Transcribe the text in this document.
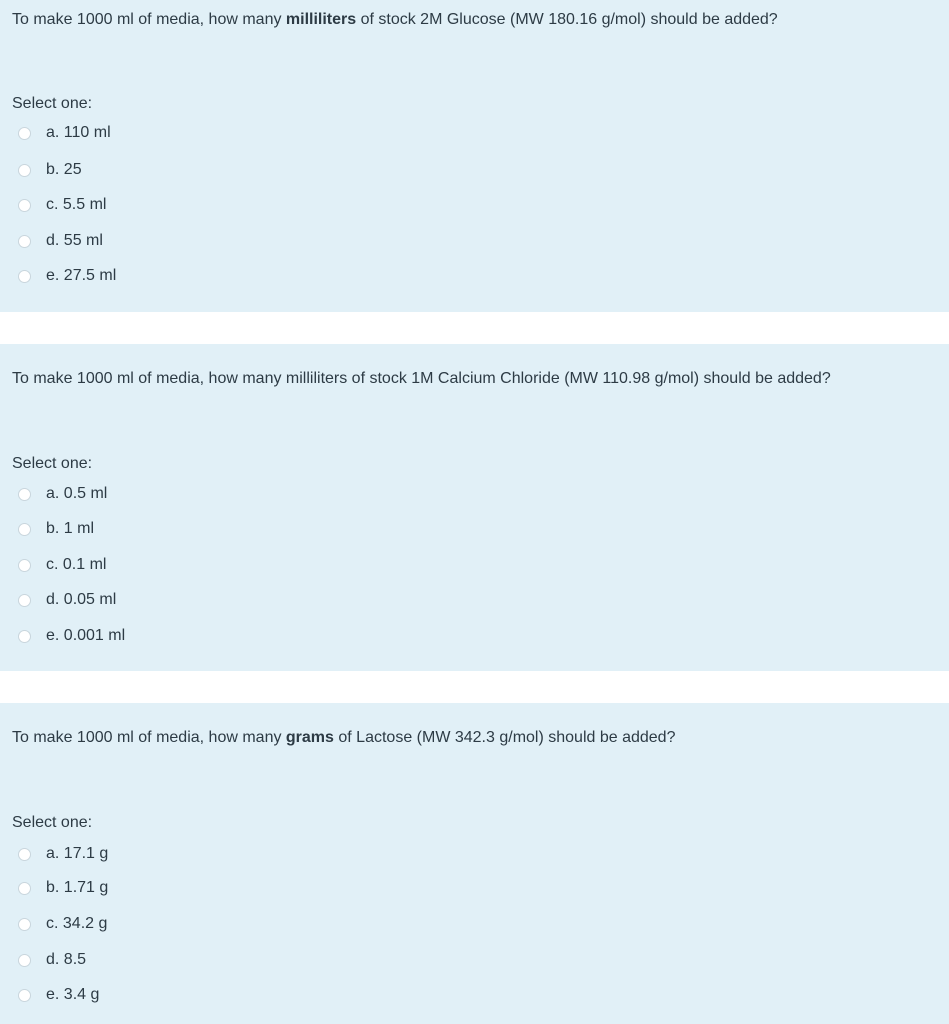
To make 1000 ml of media, how many milliliters of stock 2M Glucose (MW 180.16 g/mol) should be added?
Select one:
a. 110 ml
b. 25
c. 5.5 ml
d. 55 ml
e. 27.5 ml
To make 1000 ml of media, how many milliliters of stock 1M Calcium Chloride (MW 110.98 g/mol) should be added?
Select one:
a. 0.5 ml
b. 1 ml
c. 0.1 ml
d. 0.05 ml
e. 0.001 ml
To make 1000 ml of media, how many grams of Lactose (MW 342.3 g/mol) should be added?
Select one:
a. 17.1 g
b. 1.71 g
c. 34.2 g
d. 8.5
e. 3.4 g
